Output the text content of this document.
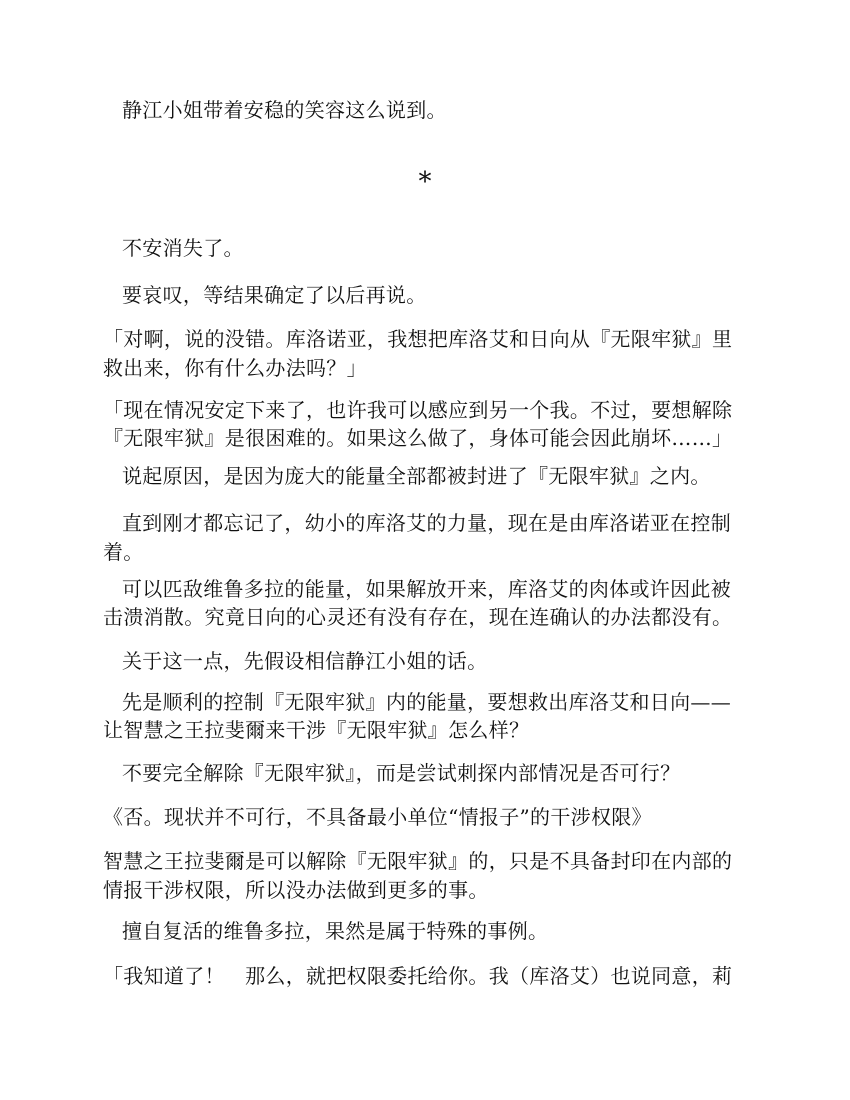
静江小姐带着安稳的笑容这么说到。
*
不安消失了。
要哀叹，等结果确定了以后再说。
「对啊，说的没错。库洛诺亚，我想把库洛艾和日向从『无限牢狱』里
救出来，你有什么办法吗？」
「现在情况安定下来了，也许我可以感应到另一个我。不过，要想解除
『无限牢狱』是很困难的。如果这么做了，身体可能会因此崩坏……」
说起原因，是因为庞大的能量全部都被封进了『无限牢狱』之内。
直到刚才都忘记了，幼小的库洛艾的力量，现在是由库洛诺亚在控制
着。
可以匹敌维鲁多拉的能量，如果解放开来，库洛艾的肉体或许因此被
击溃消散。究竟日向的心灵还有没有存在，现在连确认的办法都没有。
关于这一点，先假设相信静江小姐的话。
先是顺利的控制『无限牢狱』内的能量，要想救出库洛艾和日向——
让智慧之王拉斐爾来干涉『无限牢狱』怎么样？
不要完全解除『无限牢狱』，而是尝试刺探内部情况是否可行？
《否。现状并不可行，不具备最小单位“情报子”的干涉权限》
智慧之王拉斐爾是可以解除『无限牢狱』的，只是不具备封印在内部的
情报干涉权限，所以没办法做到更多的事。
擅自复活的维鲁多拉，果然是属于特殊的事例。
「我知道了！　那么，就把权限委托给你。我（库洛艾）也说同意，莉
